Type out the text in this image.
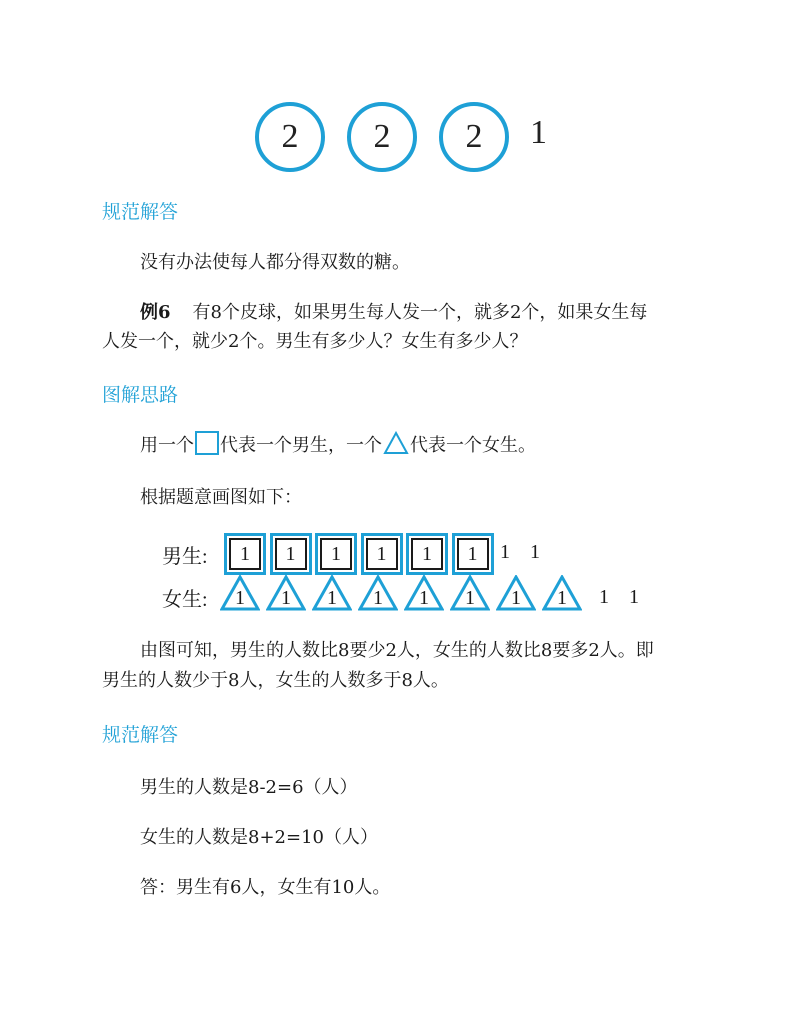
2 2 2 1
规范解答
没有办法使每人都分得双数的糖。
例6 有8个皮球，如果男生每人发一个，就多2个，如果女生每
人发一个，就少2个。男生有多少人？女生有多少人？
图解思路
用一个 代表一个男生，一个 代表一个女生。
根据题意画图如下：
男生:	1	1	1	1	1	1	1 1
女生:	1	1	1	1	1	1	1	1	1 1
由图可知，男生的人数比8要少2人，女生的人数比8要多2人。即
男生的人数少于8人，女生的人数多于8人。
规范解答
男生的人数是8-2=6（人）
女生的人数是8+2=10（人）
答：男生有6人，女生有10人。
